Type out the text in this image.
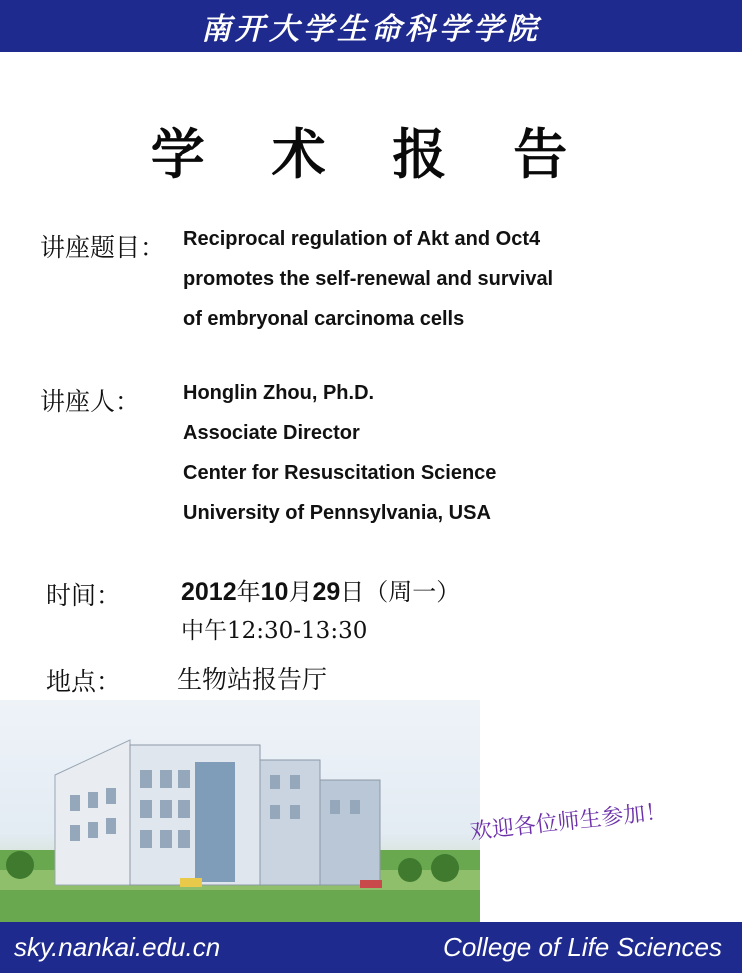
南开大学生命科学学院
学 术 报 告
讲座题目： Reciprocal regulation of Akt and Oct4
promotes the self-renewal and survival
of embryonal carcinoma cells
讲座人： Honglin Zhou, Ph.D.
Associate Director
Center for Resuscitation Science
University of Pennsylvania, USA
时间： 2012年10月29日（周一）
中午12:30-13:30
地点： 生物站报告厅
欢迎各位师生参加！
sky.nankai.edu.cn	College of Life Sciences
